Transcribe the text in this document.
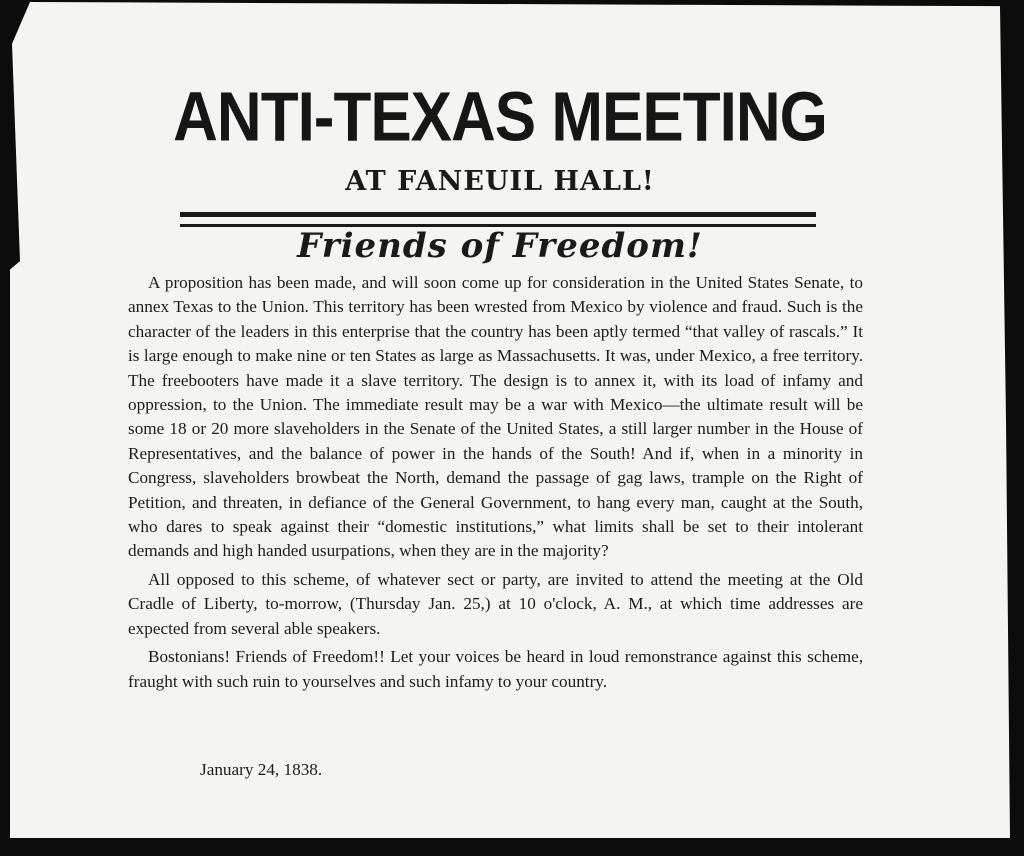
ANTI-TEXAS MEETING
AT FANEUIL HALL!
Friends of Freedom!

A proposition has been made, and will soon come up for consideration in the United States Senate, to annex Texas to the Union. This territory has been wrested from Mexico by violence and fraud. Such is the character of the leaders in this enterprise that the country has been aptly termed “that valley of rascals.” It is large enough to make nine or ten States as large as Massachusetts. It was, under Mexico, a free territory. The freebooters have made it a slave territory. The design is to annex it, with its load of infamy and oppression, to the Union. The immediate result may be a war with Mexico—the ultimate result will be some 18 or 20 more slaveholders in the Senate of the United States, a still larger number in the House of Representatives, and the balance of power in the hands of the South! And if, when in a minority in Congress, slaveholders browbeat the North, demand the passage of gag laws, trample on the Right of Petition, and threaten, in defiance of the General Government, to hang every man, caught at the South, who dares to speak against their “domestic institutions,” what limits shall be set to their intolerant demands and high handed usurpations, when they are in the majority?

All opposed to this scheme, of whatever sect or party, are invited to attend the meeting at the Old Cradle of Liberty, to-morrow, (Thursday Jan. 25,) at 10 o'clock, A. M., at which time addresses are expected from several able speakers.

Bostonians! Friends of Freedom!! Let your voices be heard in loud remonstrance against this scheme, fraught with such ruin to yourselves and such infamy to your country.

January 24, 1838.
